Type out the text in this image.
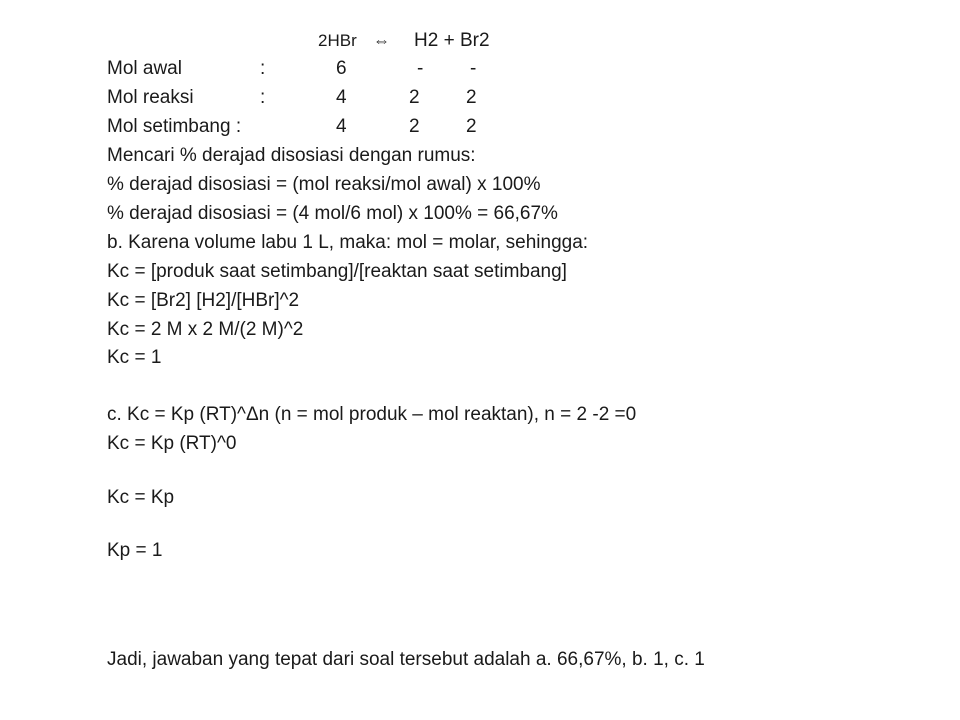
2HBr ⇔ H2 + Br2
Mol awal	:	6	- -
Mol reaksi	:	4	2 2
Mol setimbang :	4	2 2
Mencari % derajad disosiasi dengan rumus:
% derajad disosiasi = (mol reaksi/mol awal) x 100%
% derajad disosiasi = (4 mol/6 mol) x 100% = 66,67%
b. Karena volume labu 1 L, maka: mol = molar, sehingga:
Kc = [produk saat setimbang]/[reaktan saat setimbang]
Kc = [Br2] [H2]/[HBr]^2
Kc = 2 M x 2 M/(2 M)^2
Kc = 1
c. Kc = Kp (RT)^Δn (n = mol produk – mol reaktan), n = 2 -2 =0
Kc = Kp (RT)^0
Kc = Kp
Kp = 1
Jadi, jawaban yang tepat dari soal tersebut adalah a. 66,67%, b. 1, c. 1
